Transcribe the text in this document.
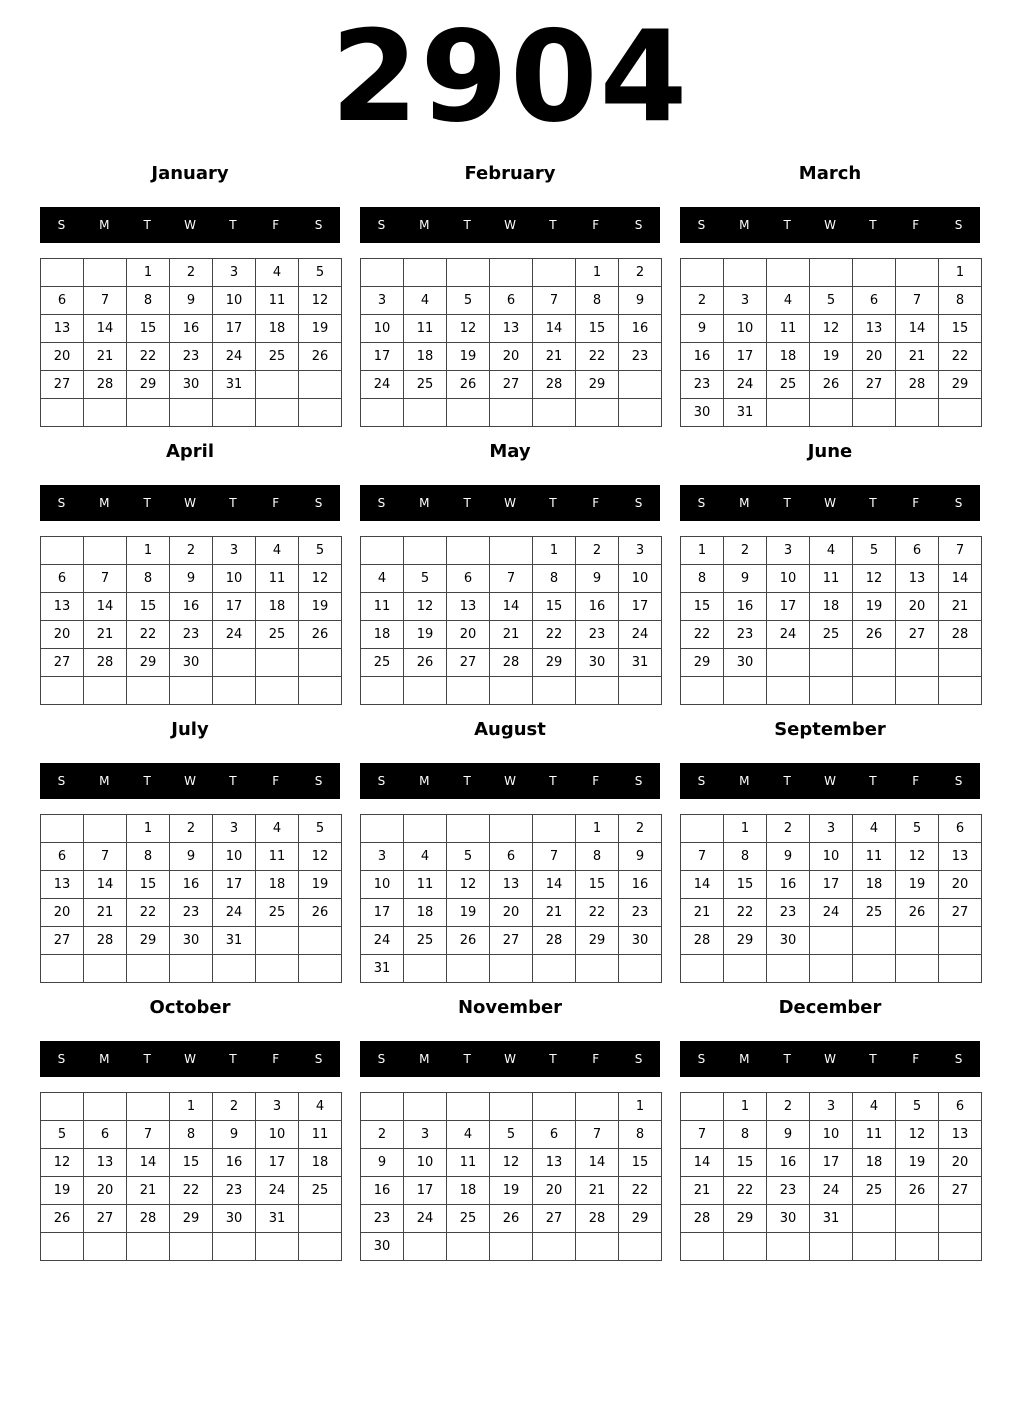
2904
January
S	M	T	W	T	F	S
		1	2	3	4	5
6	7	8	9	10	11	12
13	14	15	16	17	18	19
20	21	22	23	24	25	26
27	28	29	30	31		

February
S	M	T	W	T	F	S
					1	2
3	4	5	6	7	8	9
10	11	12	13	14	15	16
17	18	19	20	21	22	23
24	25	26	27	28	29	

March
S	M	T	W	T	F	S
						1
2	3	4	5	6	7	8
9	10	11	12	13	14	15
16	17	18	19	20	21	22
23	24	25	26	27	28	29
30	31					
April
S	M	T	W	T	F	S
		1	2	3	4	5
6	7	8	9	10	11	12
13	14	15	16	17	18	19
20	21	22	23	24	25	26
27	28	29	30			

May
S	M	T	W	T	F	S
				1	2	3
4	5	6	7	8	9	10
11	12	13	14	15	16	17
18	19	20	21	22	23	24
25	26	27	28	29	30	31

June
S	M	T	W	T	F	S
1	2	3	4	5	6	7
8	9	10	11	12	13	14
15	16	17	18	19	20	21
22	23	24	25	26	27	28
29	30					

July
S	M	T	W	T	F	S
		1	2	3	4	5
6	7	8	9	10	11	12
13	14	15	16	17	18	19
20	21	22	23	24	25	26
27	28	29	30	31		

August
S	M	T	W	T	F	S
					1	2
3	4	5	6	7	8	9
10	11	12	13	14	15	16
17	18	19	20	21	22	23
24	25	26	27	28	29	30
31						
September
S	M	T	W	T	F	S
	1	2	3	4	5	6
7	8	9	10	11	12	13
14	15	16	17	18	19	20
21	22	23	24	25	26	27
28	29	30				

October
S	M	T	W	T	F	S
			1	2	3	4
5	6	7	8	9	10	11
12	13	14	15	16	17	18
19	20	21	22	23	24	25
26	27	28	29	30	31	

November
S	M	T	W	T	F	S
						1
2	3	4	5	6	7	8
9	10	11	12	13	14	15
16	17	18	19	20	21	22
23	24	25	26	27	28	29
30						
December
S	M	T	W	T	F	S
	1	2	3	4	5	6
7	8	9	10	11	12	13
14	15	16	17	18	19	20
21	22	23	24	25	26	27
28	29	30	31			
